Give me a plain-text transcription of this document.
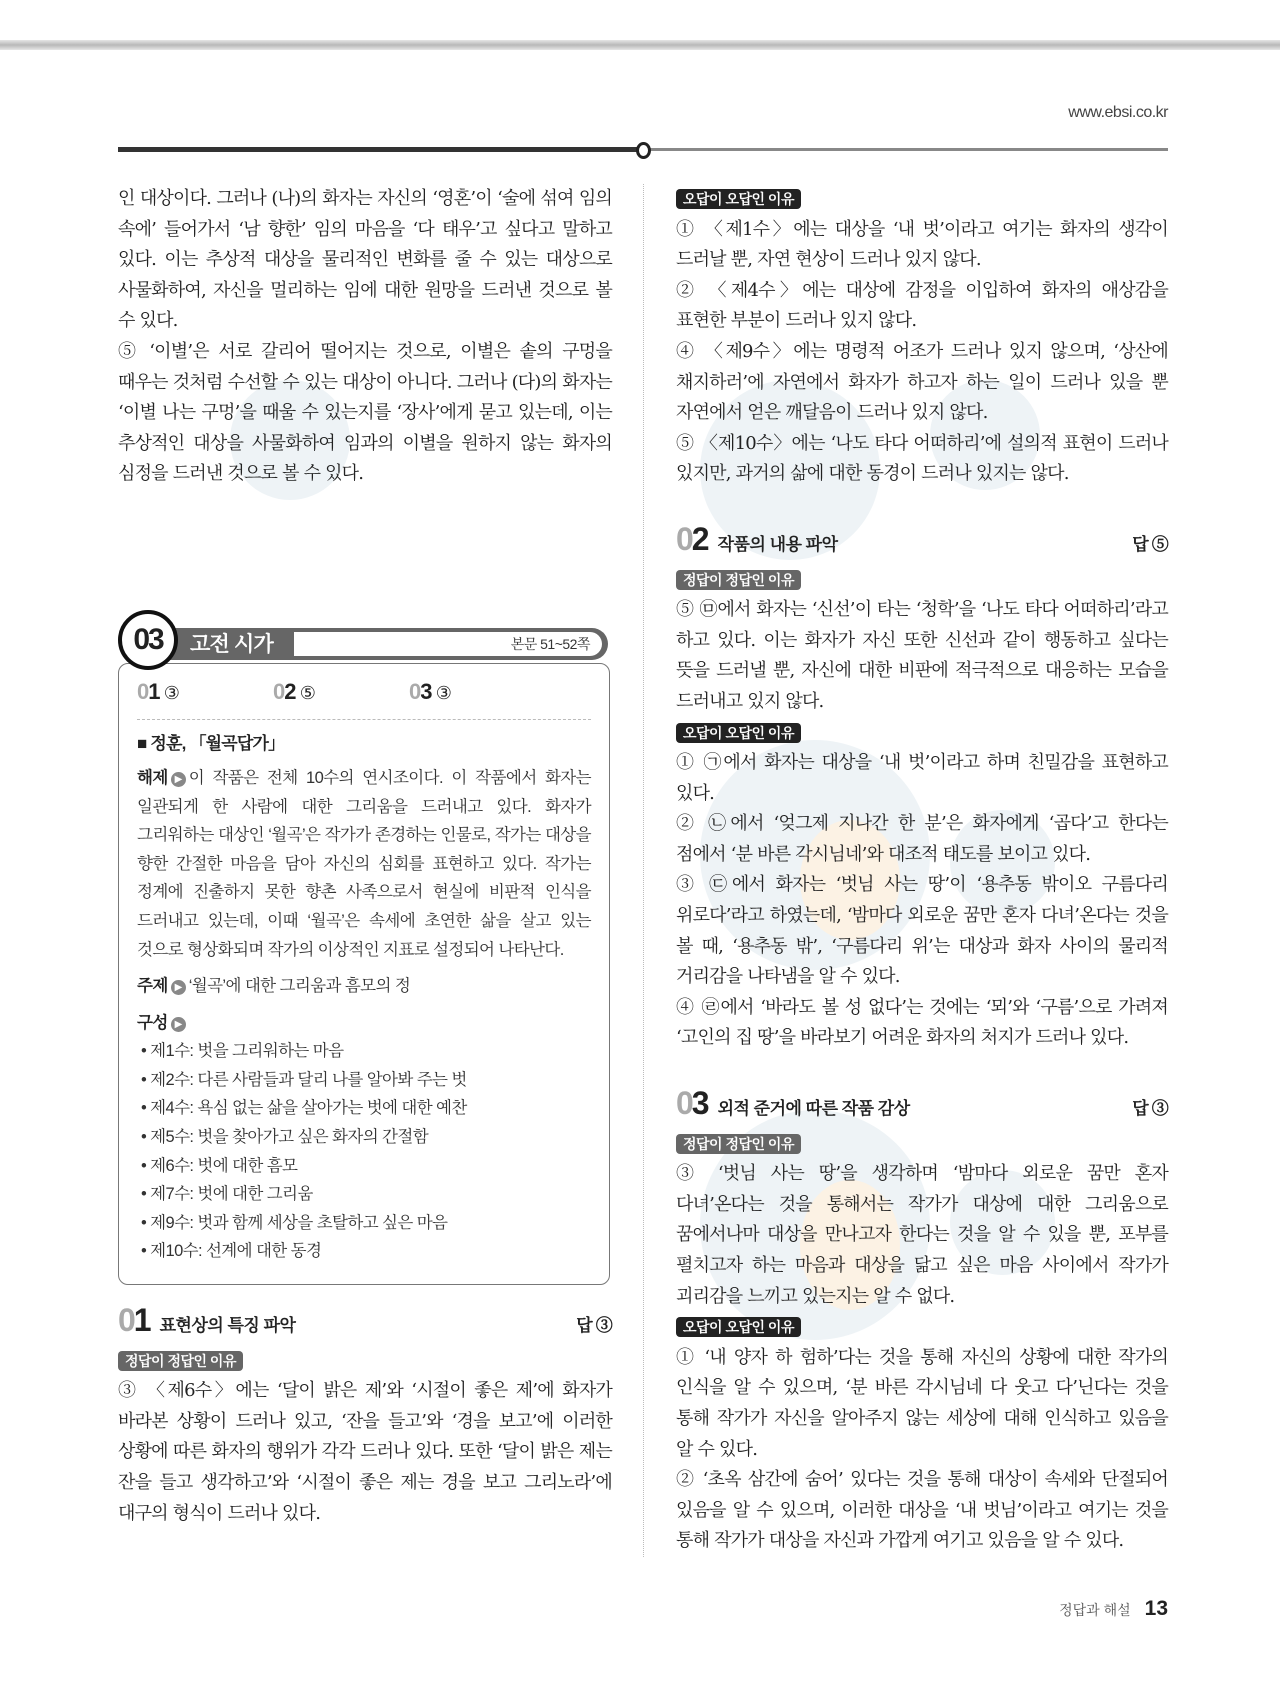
www.ebsi.co.kr

인 대상이다. 그러나 (나)의 화자는 자신의 ‘영혼’이 ‘술에 섞여 임의 속에’ 들어가서 ‘남 향한’ 임의 마음을 ‘다 태우’고 싶다고 말하고 있다. 이는 추상적 대상을 물리적인 변화를 줄 수 있는 대상으로 사물화하여, 자신을 멀리하는 임에 대한 원망을 드러낸 것으로 볼 수 있다.

⑤ ‘이별’은 서로 갈리어 떨어지는 것으로, 이별은 솥의 구멍을 때우는 것처럼 수선할 수 있는 대상이 아니다. 그러나 (다)의 화자는 ‘이별 나는 구멍’을 때울 수 있는지를 ‘장사’에게 묻고 있는데, 이는 추상적인 대상을 사물화하여 임과의 이별을 원하지 않는 화자의 심정을 드러낸 것으로 볼 수 있다.

03	고전 시가	본문 51~52쪽
01 ③	02 ⑤	03 ③
■ 정훈, 「월곡답가」

해제 ▶ 이 작품은 전체 10수의 연시조이다. 이 작품에서 화자는 일관되게 한 사람에 대한 그리움을 드러내고 있다. 화자가 그리워하는 대상인 ‘월곡’은 작가가 존경하는 인물로, 작가는 대상을 향한 간절한 마음을 담아 자신의 심회를 표현하고 있다. 작가는 정계에 진출하지 못한 향촌 사족으로서 현실에 비판적 인식을 드러내고 있는데, 이때 ‘월곡’은 속세에 초연한 삶을 살고 있는 것으로 형상화되며 작가의 이상적인 지표로 설정되어 나타난다.

주제 ▶ ‘월곡’에 대한 그리움과 흠모의 정

구성 ▶

• 제1수: 벗을 그리워하는 마음
• 제2수: 다른 사람들과 달리 나를 알아봐 주는 벗
• 제4수: 욕심 없는 삶을 살아가는 벗에 대한 예찬
• 제5수: 벗을 찾아가고 싶은 화자의 간절함
• 제6수: 벗에 대한 흠모
• 제7수: 벗에 대한 그리움
• 제9수: 벗과 함께 세상을 초탈하고 싶은 마음
• 제10수: 선계에 대한 동경
01 표현상의 특징 파악	답 ③
정답이 정답인 이유

③ 〈제6수〉에는 ‘달이 밝은 제’와 ‘시절이 좋은 제’에 화자가 바라본 상황이 드러나 있고, ‘잔을 들고’와 ‘경을 보고’에 이러한 상황에 따른 화자의 행위가 각각 드러나 있다. 또한 ‘달이 밝은 제는 잔을 들고 생각하고’와 ‘시절이 좋은 제는 경을 보고 그리노라’에 대구의 형식이 드러나 있다.

오답이 오답인 이유

① 〈제1수〉에는 대상을 ‘내 벗’이라고 여기는 화자의 생각이 드러날 뿐, 자연 현상이 드러나 있지 않다.

② 〈제4수〉에는 대상에 감정을 이입하여 화자의 애상감을 표현한 부분이 드러나 있지 않다.

④ 〈제9수〉에는 명령적 어조가 드러나 있지 않으며, ‘상산에 채지하러’에 자연에서 화자가 하고자 하는 일이 드러나 있을 뿐 자연에서 얻은 깨달음이 드러나 있지 않다.

⑤ 〈제10수〉에는 ‘나도 타다 어떠하리’에 설의적 표현이 드러나 있지만, 과거의 삶에 대한 동경이 드러나 있지는 않다.

02 작품의 내용 파악	답 ⑤
정답이 정답인 이유

⑤ ㉤에서 화자는 ‘신선’이 타는 ‘청학’을 ‘나도 타다 어떠하리’라고 하고 있다. 이는 화자가 자신 또한 신선과 같이 행동하고 싶다는 뜻을 드러낼 뿐, 자신에 대한 비판에 적극적으로 대응하는 모습을 드러내고 있지 않다.

오답이 오답인 이유

① ㉠에서 화자는 대상을 ‘내 벗’이라고 하며 친밀감을 표현하고 있다.

② ㉡에서 ‘엊그제 지나간 한 분’은 화자에게 ‘곱다’고 한다는 점에서 ‘분 바른 각시님네’와 대조적 태도를 보이고 있다.

③ ㉢에서 화자는 ‘벗님 사는 땅’이 ‘용추동 밖이오 구름다리 위로다’라고 하였는데, ‘밤마다 외로운 꿈만 혼자 다녀’온다는 것을 볼 때, ‘용추동 밖’, ‘구름다리 위’는 대상과 화자 사이의 물리적 거리감을 나타냄을 알 수 있다.

④ ㉣에서 ‘바라도 볼 성 없다’는 것에는 ‘뫼’와 ‘구름’으로 가려져 ‘고인의 집 땅’을 바라보기 어려운 화자의 처지가 드러나 있다.

03 외적 준거에 따른 작품 감상	답 ③
정답이 정답인 이유

③ ‘벗님 사는 땅’을 생각하며 ‘밤마다 외로운 꿈만 혼자 다녀’온다는 것을 통해서는 작가가 대상에 대한 그리움으로 꿈에서나마 대상을 만나고자 한다는 것을 알 수 있을 뿐, 포부를 펼치고자 하는 마음과 대상을 닮고 싶은 마음 사이에서 작가가 괴리감을 느끼고 있는지는 알 수 없다.

오답이 오답인 이유

① ‘내 양자 하 험하’다는 것을 통해 자신의 상황에 대한 작가의 인식을 알 수 있으며, ‘분 바른 각시님네 다 웃고 다’닌다는 것을 통해 작가가 자신을 알아주지 않는 세상에 대해 인식하고 있음을 알 수 있다.

② ‘초옥 삼간에 숨어’ 있다는 것을 통해 대상이 속세와 단절되어 있음을 알 수 있으며, 이러한 대상을 ‘내 벗님’이라고 여기는 것을 통해 작가가 대상을 자신과 가깝게 여기고 있음을 알 수 있다.

정답과 해설 13
